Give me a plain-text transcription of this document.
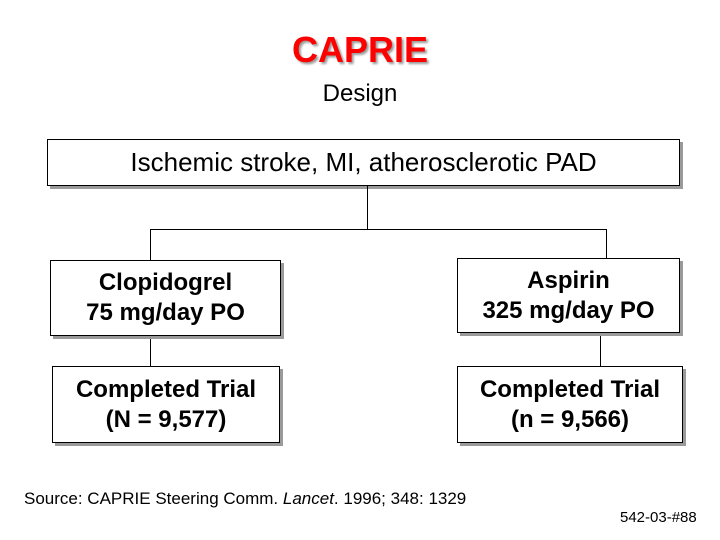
CAPRIE
Design
Ischemic stroke, MI, atherosclerotic PAD
Clopidogrel
75 mg/day PO
Aspirin
325 mg/day PO
Completed Trial
(N = 9,577)
Completed Trial
(n = 9,566)
Source: CAPRIE Steering Comm. Lancet. 1996; 348: 1329
542-03-#88
